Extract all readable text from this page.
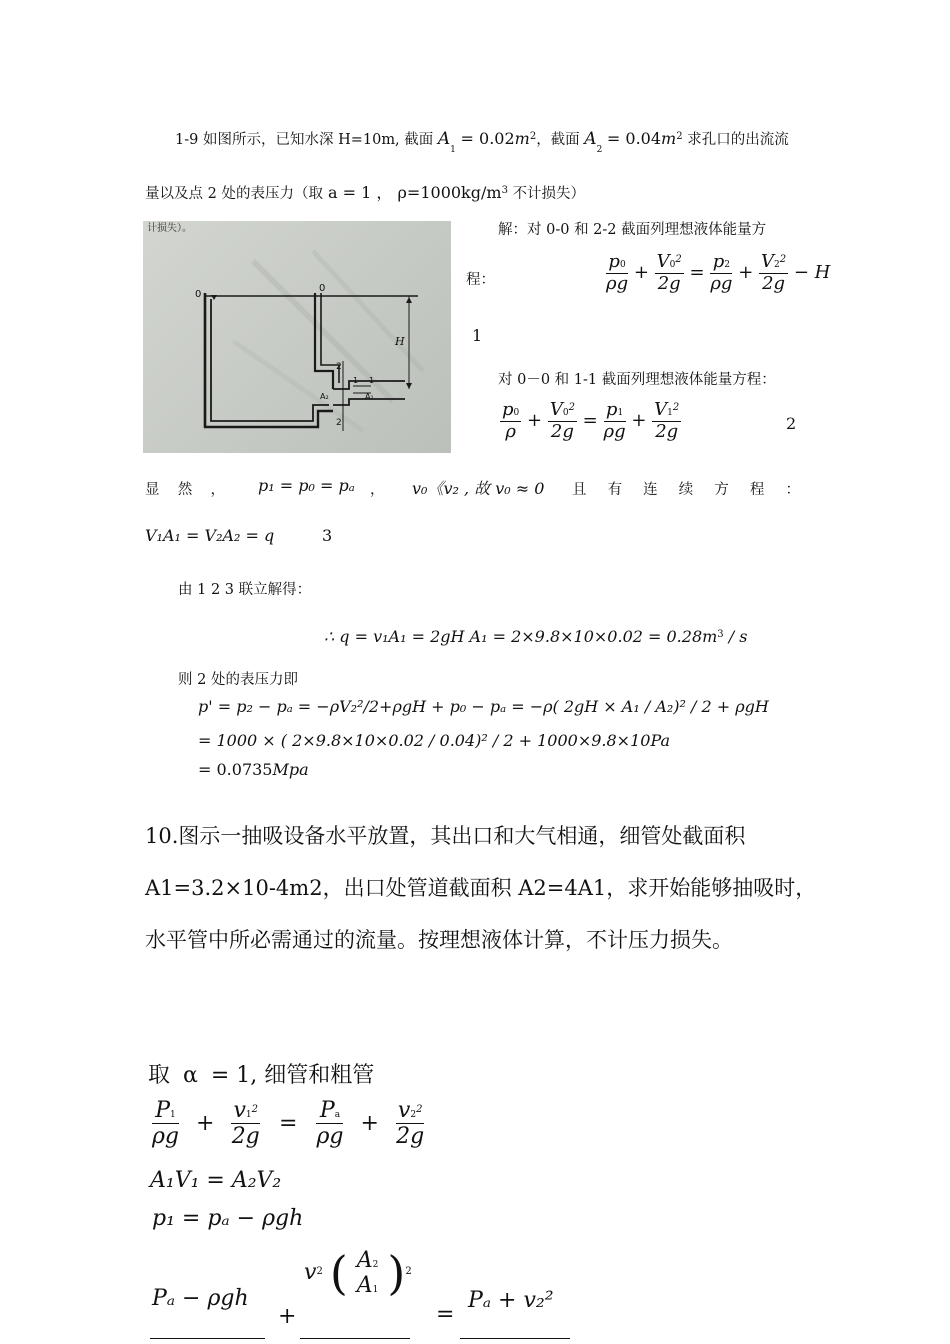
1-9 如图所示，已知水深 H=10m, 截面 $A_1 = 0.02m^2$，截面 $A_2 = 0.04m^2$ 求孔口的出流流
量以及点 2 处的表压力（取 a = 1 ， $\rho=1000kg/m^3$ 不计损失）
计损失）。
0
0
H
2
2
1 1
A₂	A₁
解：对 0-0 和 2-2 截面列理想液体能量方
程：	$\frac{p0}{\rho g} + \frac{V0^2}{2g} = \frac{p2}{\rho g} + \frac{V2^2}{2g} - H$
1
对 0－0 和 1-1 截面列理想液体能量方程：
$\frac{p0}{\rho} + \frac{V0^2}{2g} = \frac{p1}{\rho g} + \frac{V1^2}{2g}$	2
显 然 ， p₁ = p₀ = pₐ ， v₀《v₂ , 故 v₀ ≈ 0 且 有 连 续 方 程 ：
V₁A₁ = V₂A₂ = q	3
由 1 2 3 联立解得：
∴ q = v₁A₁ = 2gH $A_1 = 2\times 9.8\times 10\times 0.02 = 0.28m^3 / s$
则 2 处的表压力即
p' = p₂ − pₐ = −ρV₂²/2+ρgH + p₀ − pₐ = −ρ( 2gH × A₁ / A₂)² / 2 + ρgH
= 1000 × ( 2×9.8×10×0.02 / 0.04)² / 2 + 1000×9.8×10Pa
= 0.0735Mpa
10.图示一抽吸设备水平放置，其出口和大气相通，细管处截面积
A1=3.2×10-4m2，出口处管道截面积 A2=4A1，求开始能够抽吸时，
水平管中所必需通过的流量。按理想液体计算，不计压力损失。
取 α = 1, 细管和粗管
$\frac{P1}{\rho g} + \frac{v1^2}{2g} = \frac{Pa}{\rho g} + \frac{v2^2}{2g}$
A₁V₁ = A₂V₂
p₁ = pₐ − ρgh
Pₐ − ρgh
+
$v^2$ ( A2
A1 )$^2$
=
Pₐ + v₂²
